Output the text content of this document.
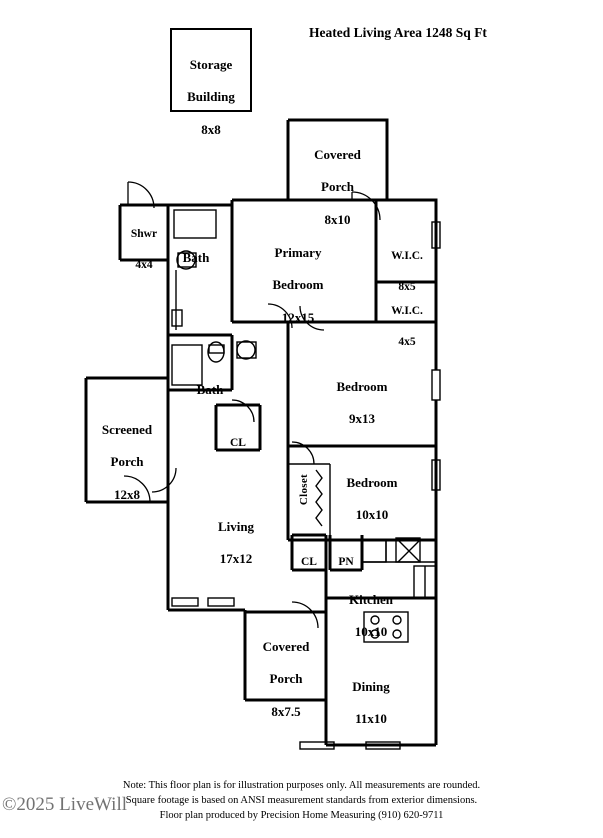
Heated Living Area 1248 Sq Ft

Storage

Building

8x8

Covered

Porch

8x10

Shwr

4x4	Bath	Primary

Bedroom

12x15

W.I.C.

8x5

W.I.C.

4x5

Bath	Bedroom

9x13

Screened

Porch

12x8

CL

Bedroom

10x10

Closet

Living

17x12	CL	PN

Kitchen

10x10

Covered

Porch

8x7.5

Dining

11x10

Note: This floor plan is for illustration purposes only. All measurements are rounded.
Square footage is based on ANSI measurement standards from exterior dimensions.
Floor plan produced by Precision Home Measuring (910) 620-9711
©2025 LiveWill
